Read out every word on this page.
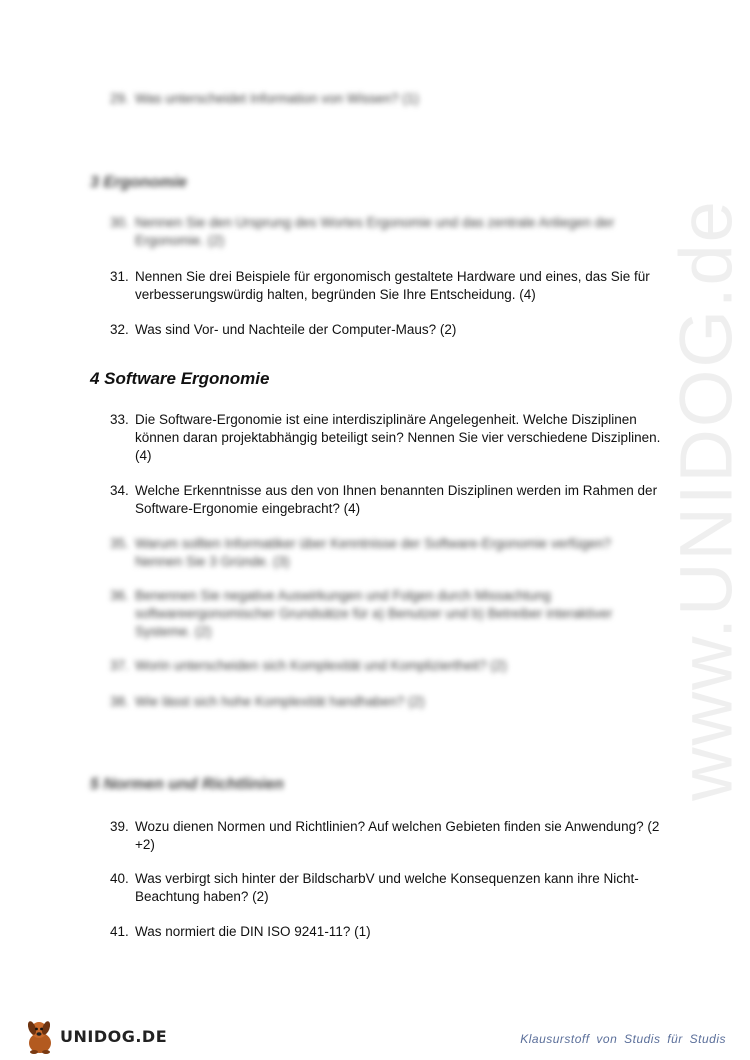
www.UNIDOG.de
29. Was unterscheidet Information von Wissen? (1)
3 Ergonomie
30. Nennen Sie den Ursprung des Wortes Ergonomie und das zentrale Anliegen der Ergonomie. (2)
31. Nennen Sie drei Beispiele für ergonomisch gestaltete Hardware und eines, das Sie für verbesserungswürdig halten, begründen Sie Ihre Entscheidung. (4)
32. Was sind Vor- und Nachteile der Computer-Maus? (2)
4 Software Ergonomie
33. Die Software-Ergonomie ist eine interdisziplinäre Angelegenheit. Welche Disziplinen können daran projektabhängig beteiligt sein? Nennen Sie vier verschiedene Disziplinen. (4)
34. Welche Erkenntnisse aus den von Ihnen benannten Disziplinen werden im Rahmen der Software-Ergonomie eingebracht? (4)
35. Warum sollten Informatiker über Kenntnisse der Software-Ergonomie verfügen? Nennen Sie 3 Gründe. (3)
36. Benennen Sie negative Auswirkungen und Folgen durch Missachtung softwareergonomischer Grundsätze für a) Benutzer und b) Betreiber interaktiver Systeme. (2)
37. Worin unterscheiden sich Komplexität und Kompliziertheit? (2)
38. Wie lässt sich hohe Komplexität handhaben? (2)
5 Normen und Richtlinien
39. Wozu dienen Normen und Richtlinien? Auf welchen Gebieten finden sie Anwendung? (2 +2)
40. Was verbirgt sich hinter der BildscharbV und welche Konsequenzen kann ihre Nicht-Beachtung haben? (2)
41. Was normiert die DIN ISO 9241-11? (1)
UNIDOG.DE	Klausurstoff von Studis für Studis
